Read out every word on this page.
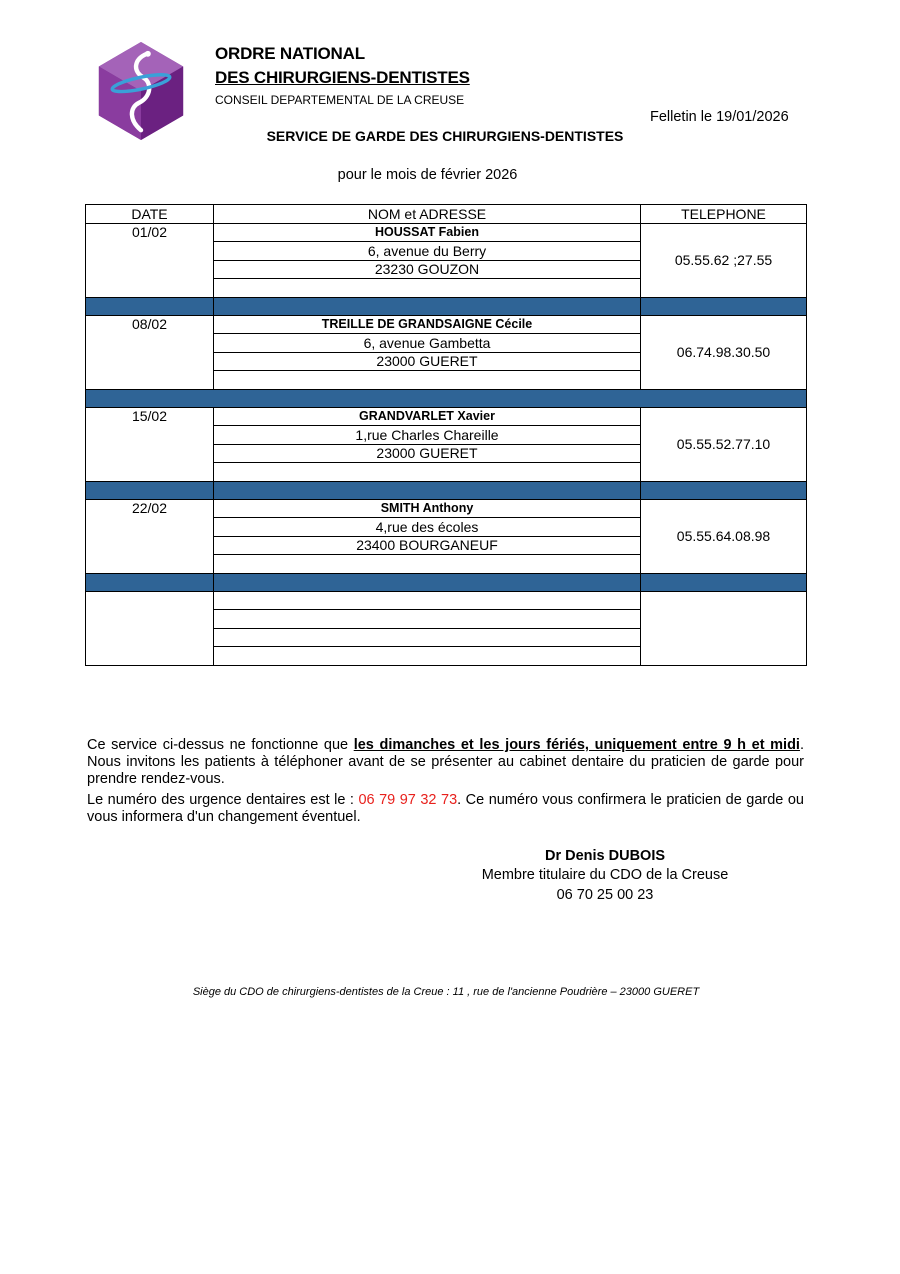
ORDRE NATIONAL
DES CHIRURGIENS-DENTISTES
CONSEIL DEPARTEMENTAL DE LA CREUSE
Felletin le 19/01/2026
SERVICE DE GARDE DES CHIRURGIENS-DENTISTES
pour le mois de février 2026
DATE	NOM et ADRESSE	TELEPHONE
01/02	HOUSSAT Fabien	05.55.62 ;27.55
	6, avenue du Berry	
	23230 GOUZON	

08/02	TREILLE DE GRANDSAIGNE Cécile	06.74.98.30.50
	6, avenue Gambetta	
	23000 GUERET	

15/02	GRANDVARLET Xavier	05.55.52.77.10
	1,rue Charles Chareille	
	23000 GUERET	

22/02	SMITH Anthony	05.55.64.08.98
	4,rue des écoles	
	23400 BOURGANEUF	

Ce service ci-dessus ne fonctionne que les dimanches et les jours fériés, uniquement entre 9 h et midi. Nous invitons les patients à téléphoner avant de se présenter au cabinet dentaire du praticien de garde pour prendre rendez-vous.
Le numéro des urgence dentaires est le : 06 79 97 32 73. Ce numéro vous confirmera le praticien de garde ou vous informera d'un changement éventuel.
Dr Denis DUBOIS
Membre titulaire du CDO de la Creuse
06 70 25 00 23
Siège du CDO de chirurgiens-dentistes de la Creue : 11 , rue de l'ancienne Poudrière – 23000 GUERET
